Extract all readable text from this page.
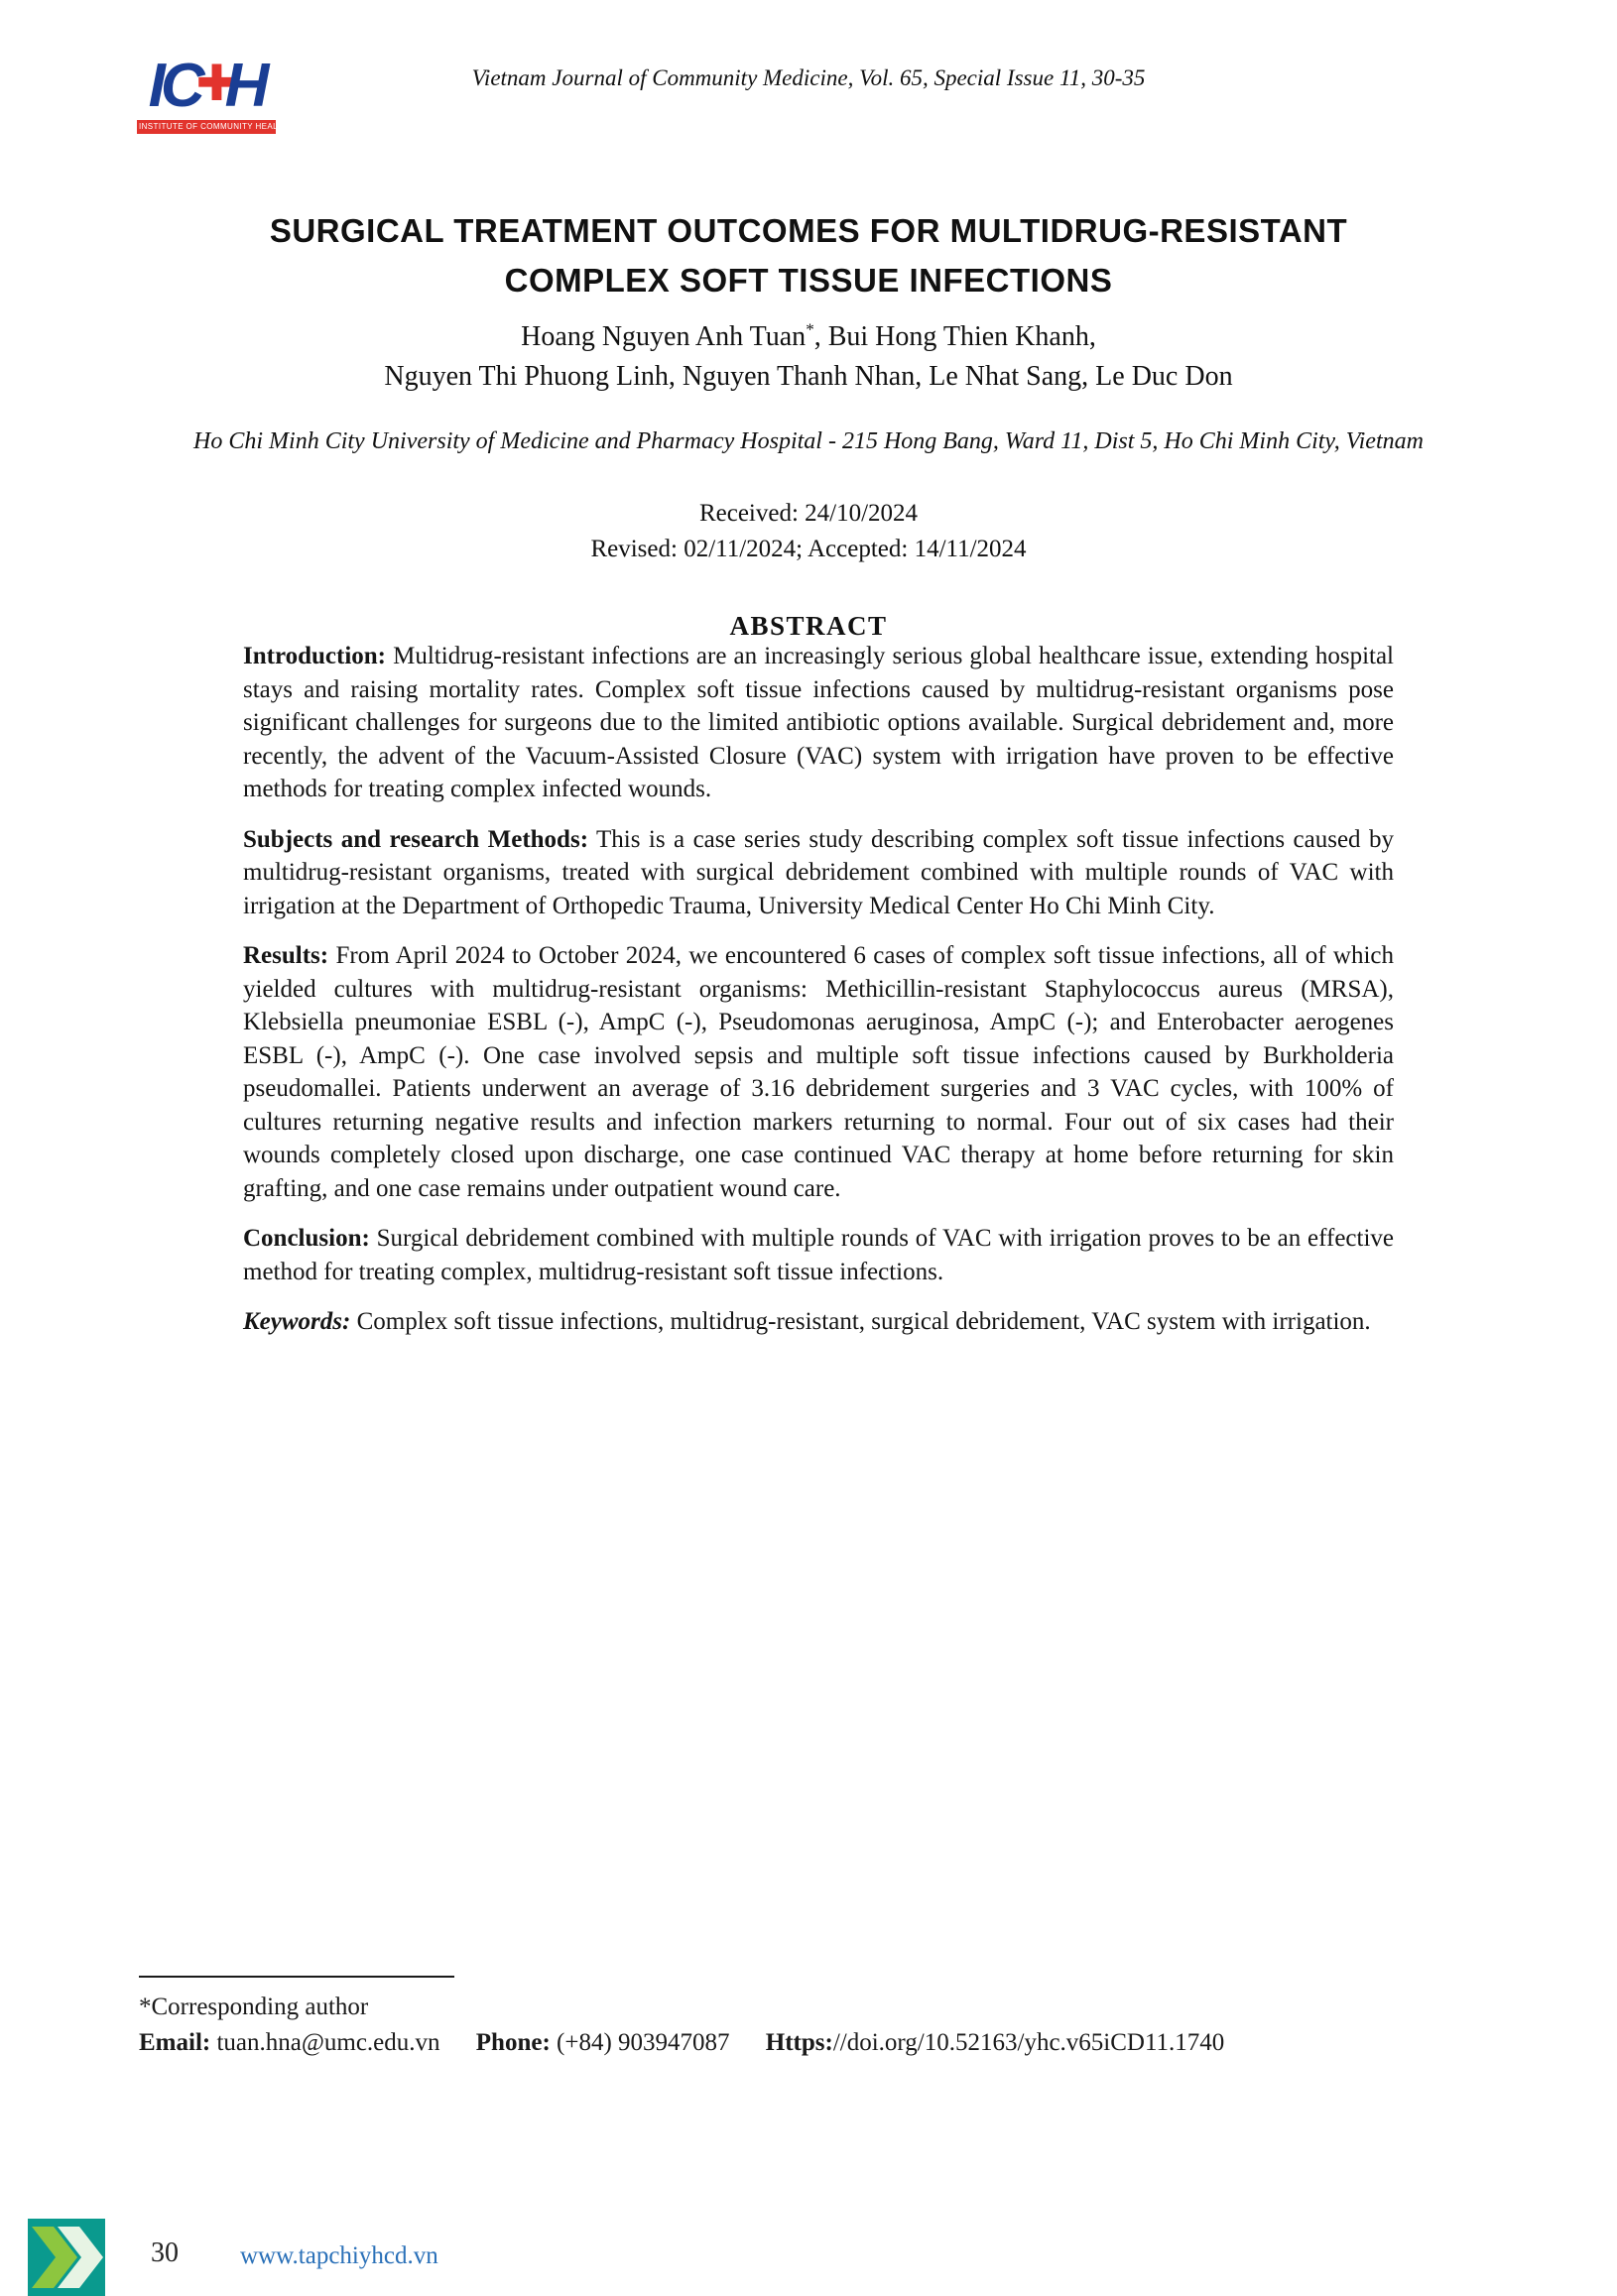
IC✚H
INSTITUTE OF COMMUNITY HEALTH
Vietnam Journal of Community Medicine, Vol. 65, Special Issue 11, 30-35
SURGICAL TREATMENT OUTCOMES FOR MULTIDRUG-RESISTANT
COMPLEX SOFT TISSUE INFECTIONS
Hoang Nguyen Anh Tuan*, Bui Hong Thien Khanh,
Nguyen Thi Phuong Linh, Nguyen Thanh Nhan, Le Nhat Sang, Le Duc Don
Ho Chi Minh City University of Medicine and Pharmacy Hospital - 215 Hong Bang, Ward 11, Dist 5, Ho Chi Minh City, Vietnam
Received: 24/10/2024
Revised: 02/11/2024; Accepted: 14/11/2024
ABSTRACT

Introduction: Multidrug-resistant infections are an increasingly serious global healthcare issue, extending hospital stays and raising mortality rates. Complex soft tissue infections caused by multidrug-resistant organisms pose significant challenges for surgeons due to the limited antibiotic options available. Surgical debridement and, more recently, the advent of the Vacuum-Assisted Closure (VAC) system with irrigation have proven to be effective methods for treating complex infected wounds.

Subjects and research Methods: This is a case series study describing complex soft tissue infections caused by multidrug-resistant organisms, treated with surgical debridement combined with multiple rounds of VAC with irrigation at the Department of Orthopedic Trauma, University Medical Center Ho Chi Minh City.

Results: From April 2024 to October 2024, we encountered 6 cases of complex soft tissue infections, all of which yielded cultures with multidrug-resistant organisms: Methicillin-resistant Staphylococcus aureus (MRSA), Klebsiella pneumoniae ESBL (-), AmpC (-), Pseudomonas aeruginosa, AmpC (-); and Enterobacter aerogenes ESBL (-), AmpC (-). One case involved sepsis and multiple soft tissue infections caused by Burkholderia pseudomallei. Patients underwent an average of 3.16 debridement surgeries and 3 VAC cycles, with 100% of cultures returning negative results and infection markers returning to normal. Four out of six cases had their wounds completely closed upon discharge, one case continued VAC therapy at home before returning for skin grafting, and one case remains under outpatient wound care.

Conclusion: Surgical debridement combined with multiple rounds of VAC with irrigation proves to be an effective method for treating complex, multidrug-resistant soft tissue infections.

Keywords: Complex soft tissue infections, multidrug-resistant, surgical debridement, VAC system with irrigation.

*Corresponding author
Email: tuan.hna@umc.edu.vn Phone: (+84) 903947087 Https://doi.org/10.52163/yhc.v65iCD11.1740
30 www.tapchiyhcd.vn
